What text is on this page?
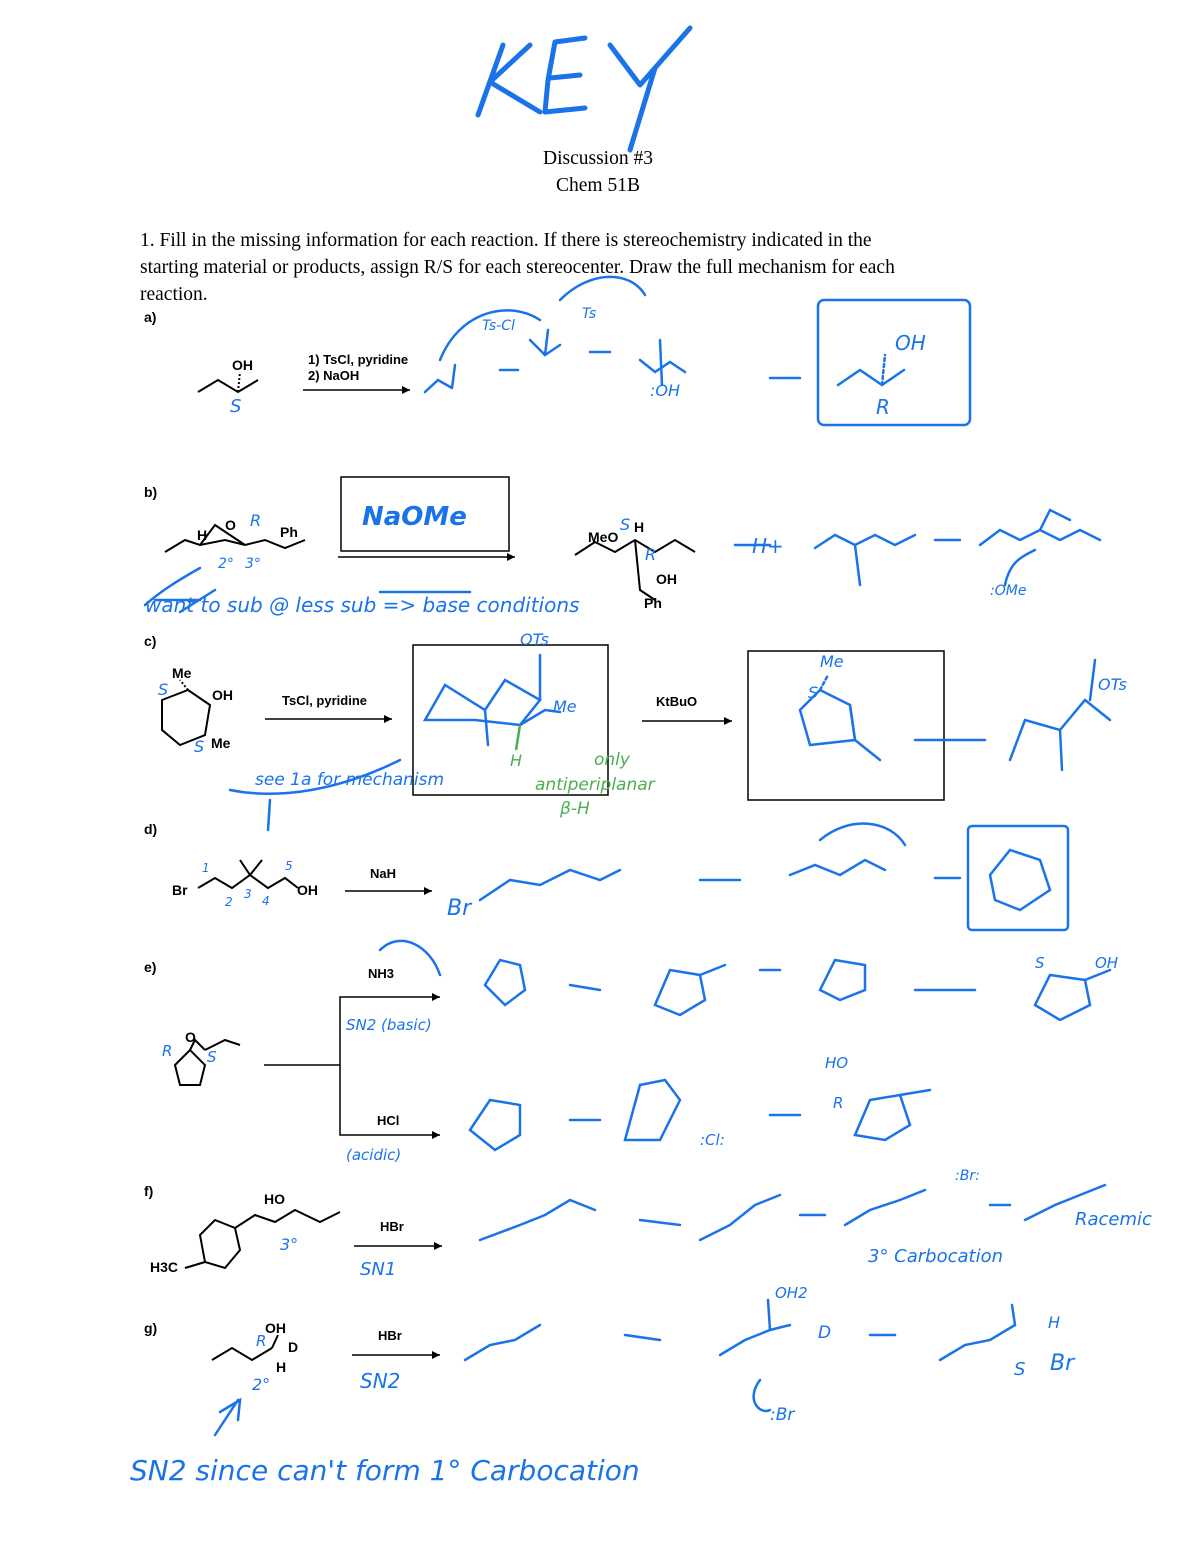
Discussion #3
Chem 51B
1. Fill in the missing information for each reaction. If there is stereochemistry indicated in the
starting material or products, assign R/S for each stereocenter. Draw the full mechanism for each
reaction.
a)
OH
S
1) TsCl, pyridine
2) NaOH
Ts-Cl
Ts
:OH
OH
R
b)
H
O	Ph
R
2° 3°
NaOMe
MeO
H
OH
Ph
S
R	H+
:OMe
want to sub @ less sub => base conditions
c)
Me
OH
Me
S
S
TsCl, pyridine
OTs
Me
H	only
antiperiplanar
β-H
see 1a for mechanism
KtBuO
Me
S	OTs
d)
Br	OH
1
2
3 4
5	NaH
Br
e)	NH3
HCl
SN2 (basic)
(acidic)
O
R S
S	OH
HO
R
:Cl:
f)	HO
H3C
3°
HBr
SN1
3° Carbocation
:Br:
Racemic
g)	OH
D
H
R
2°
HBr
SN2
OH2
:Br
D
H
S Br
SN2 since can't form 1° Carbocation
